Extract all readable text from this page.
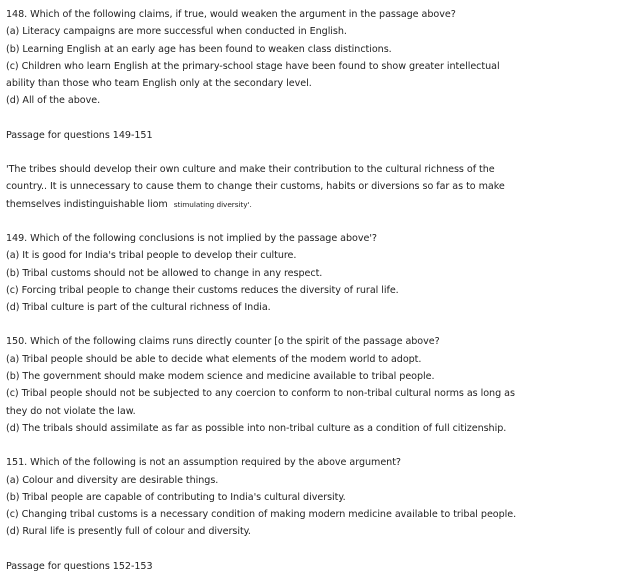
148. Which of the following claims, if true, would weaken the argument in the passage above?
(a) Literacy campaigns are more successful when conducted in English.
(b) Learning English at an early age has been found to weaken class distinctions.
(c) Children who learn English at the primary-school stage have been found to show greater intellectual
ability than those who team English only at the secondary level.
(d) All of the above.
Passage for questions 149-151
'The tribes should develop their own culture and make their contribution to the cultural richness of the
country.. It is unnecessary to cause them to change their customs, habits or diversions so far as to make
themselves indistinguishable liom stimulating diversity'.
149. Which of the following conclusions is not implied by the passage above'?
(a) It is good for India's tribal people to develop their culture.
(b) Tribal customs should not be allowed to change in any respect.
(c) Forcing tribal people to change their customs reduces the diversity of rural life.
(d) Tribal culture is part of the cultural richness of India.
150. Which of the following claims runs directly counter [o the spirit of the passage above?
(a) Tribal people should be able to decide what elements of the modem world to adopt.
(b) The government should make modem science and medicine available to tribal people.
(c) Tribal people should not be subjected to any coercion to conform to non-tribal cultural norms as long as
they do not violate the law.
(d) The tribals should assimilate as far as possible into non-tribal culture as a condition of full citizenship.
151. Which of the following is not an assumption required by the above argument?
(a) Colour and diversity are desirable things.
(b) Tribal people are capable of contributing to India's cultural diversity.
(c) Changing tribal customs is a necessary condition of making modern medicine available to tribal people.
(d) Rural life is presently full of colour and diversity.
Passage for questions 152-153
